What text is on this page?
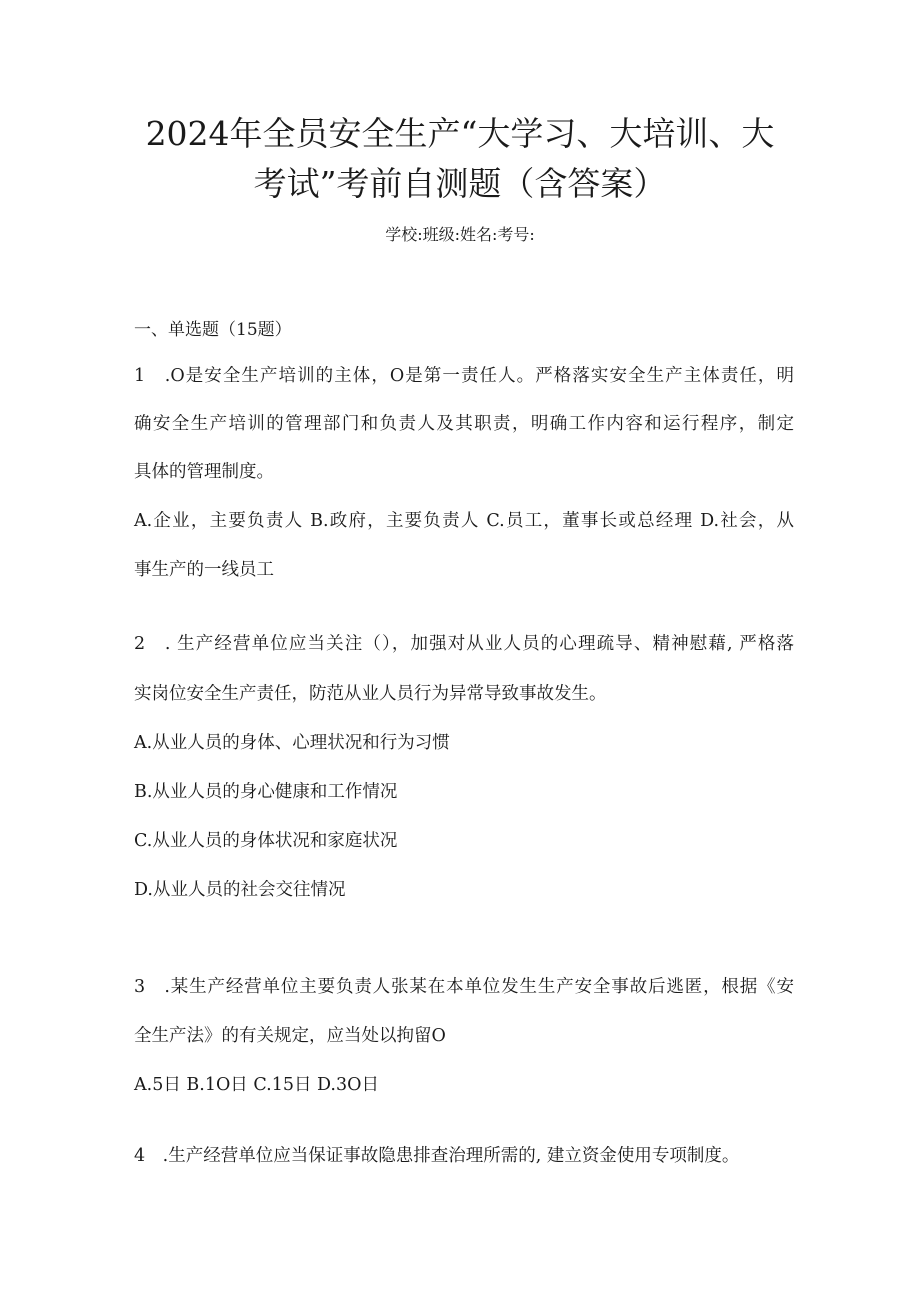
2024年全员安全生产“大学习、大培训、大
考试”考前自测题（含答案）
学校:班级:姓名:考号:
一、单选题（15题）
1　.O是安全生产培训的主体，O是第一责任人。严格落实安全生产主体责任，明
确安全生产培训的管理部门和负责人及其职责，明确工作内容和运行程序，制定
具体的管理制度。
A.企业，主要负责人 B.政府，主要负责人 C.员工，董事长或总经理 D.社会，从
事生产的一线员工
2　. 生产经营单位应当关注（），加强对从业人员的心理疏导、精神慰藉, 严格落
实岗位安全生产责任，防范从业人员行为异常导致事故发生。
A.从业人员的身体、心理状况和行为习惯
B.从业人员的身心健康和工作情况
C.从业人员的身体状况和家庭状况
D.从业人员的社会交往情况
3　.某生产经营单位主要负责人张某在本单位发生生产安全事故后逃匿，根据《安
全生产法》的有关规定，应当处以拘留O
A.5日 B.1O日 C.15日 D.3O日
4　.生产经营单位应当保证事故隐患排查治理所需的, 建立资金使用专项制度。
